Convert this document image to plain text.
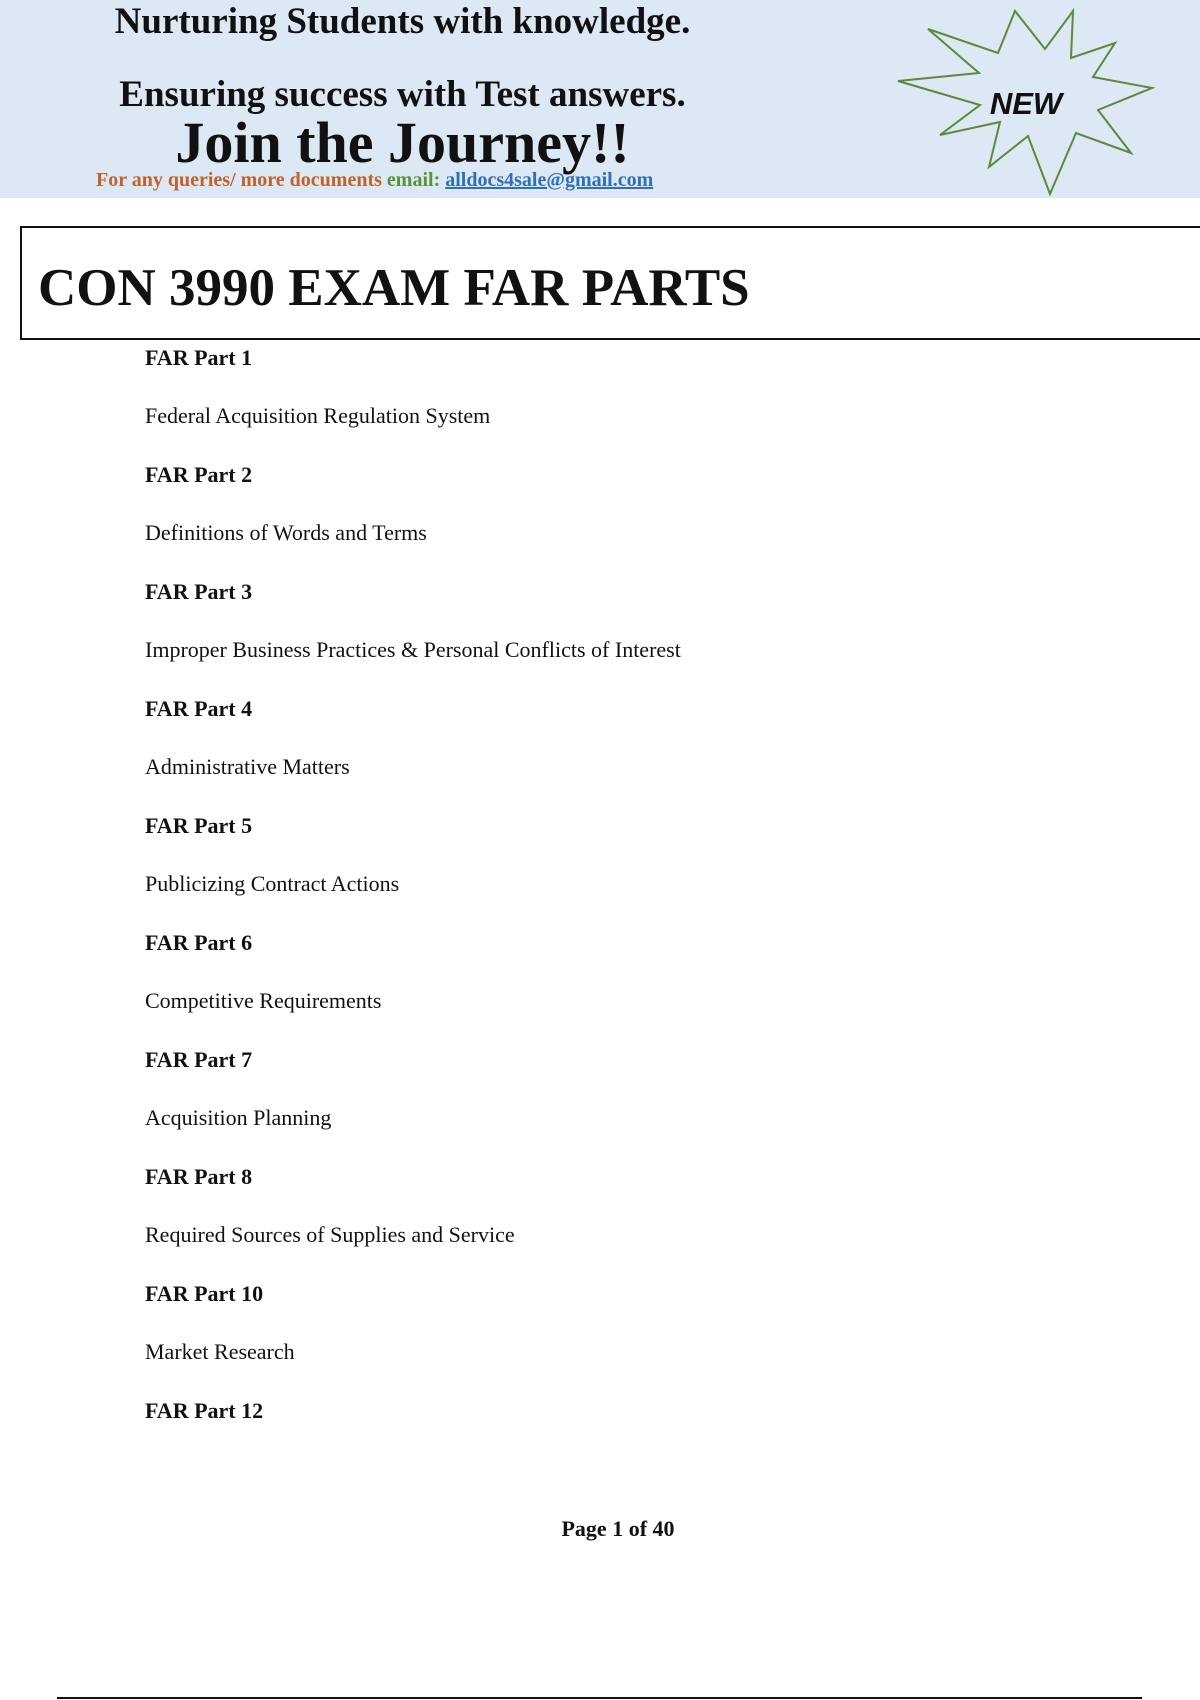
Nurturing Students with knowledge.
Ensuring success with Test answers.
Join the Journey!!
For any queries/ more documents email: alldocs4sale@gmail.com
NEW
CON 3990 EXAM FAR PARTS
FAR Part 1
Federal Acquisition Regulation System
FAR Part 2
Definitions of Words and Terms
FAR Part 3
Improper Business Practices & Personal Conflicts of Interest
FAR Part 4
Administrative Matters
FAR Part 5
Publicizing Contract Actions
FAR Part 6
Competitive Requirements
FAR Part 7
Acquisition Planning
FAR Part 8
Required Sources of Supplies and Service
FAR Part 10
Market Research
FAR Part 12
Page 1 of 40
